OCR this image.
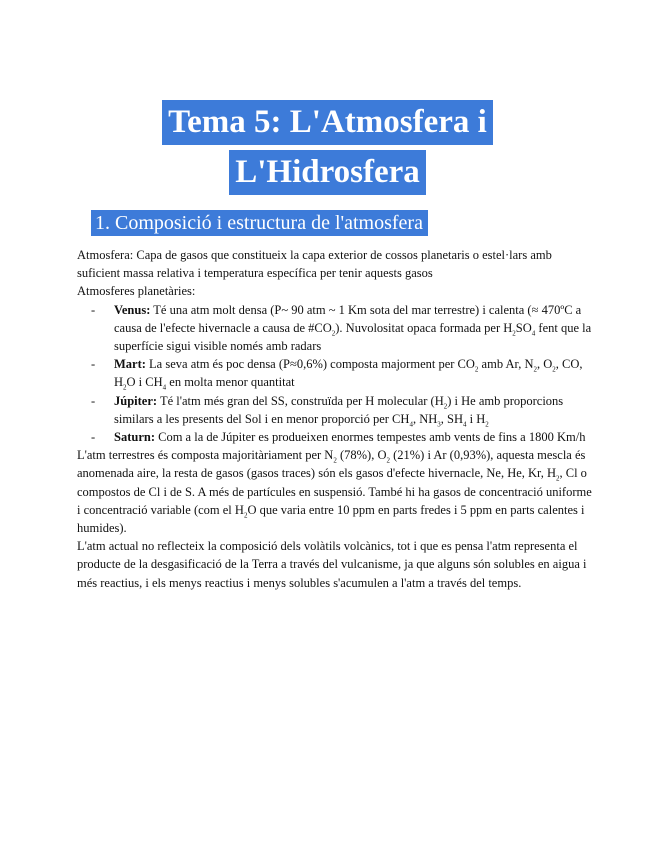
Tema 5: L'Atmosfera i
L'Hidrosfera
1. Composició i estructura de l'atmosfera

Atmosfera: Capa de gasos que constitueix la capa exterior de cossos planetaris o estel·lars amb suficient massa relativa i temperatura específica per tenir aquests gasos

Atmosferes planetàries:

- Venus: Té una atm molt densa (P~ 90 atm ~ 1 Km sota del mar terrestre) i calenta (≈ 470ºC a causa de l'efecte hivernacle a causa de $\#CO_2$). Nuvolositat opaca formada per $H_2SO_4$ fent que la superfície sigui visible només amb radars
- Mart: La seva atm és poc densa (P≈0,6%) composta majorment per $CO_2$ amb Ar, $N_2$, $O_2$, CO, $H_2O$ i $CH_4$ en molta menor quantitat
- Júpiter: Té l'atm més gran del SS, construïda per H molecular $(H_2)$ i He amb proporcions similars a les presents del Sol i en menor proporció per $CH_4$, $NH_3$, $SH_4$ i $H_2$
- Saturn: Com a la de Júpiter es produeixen enormes tempestes amb vents de fins a 1800 Km/h

L'atm terrestres és composta majoritàriament per $N_2$ (78%), $O_2$ (21%) i Ar (0,93%), aquesta mescla és anomenada aire, la resta de gasos (gasos traces) són els gasos d'efecte hivernacle, Ne, He, Kr, $H_2$, Cl o compostos de Cl i de S. A més de partícules en suspensió. També hi ha gasos de concentració uniforme i concentració variable (com el $H_2O$ que varia entre 10 ppm en parts fredes i 5 ppm en parts calentes i humides).

L'atm actual no reflecteix la composició dels volàtils volcànics, tot i que es pensa l'atm representa el producte de la desgasificació de la Terra a través del vulcanisme, ja que alguns són solubles en aigua i més reactius, i els menys reactius i menys solubles s'acumulen a l'atm a través del temps.
